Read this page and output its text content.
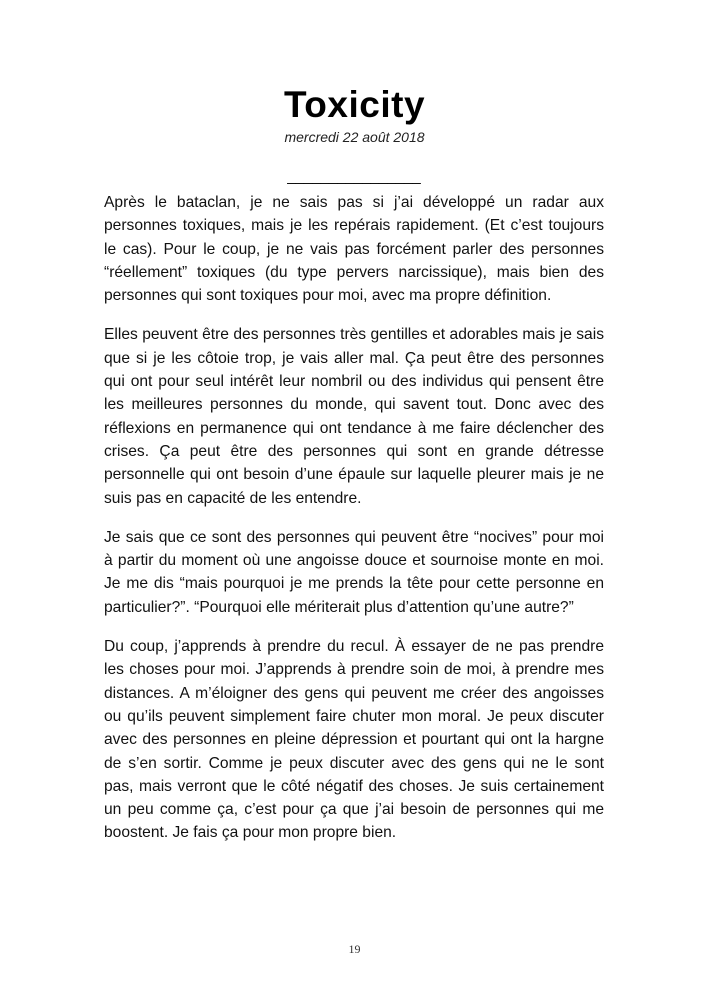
Toxicity
mercredi 22 août 2018
________________

Après le bataclan, je ne sais pas si j’ai développé un radar aux personnes toxiques, mais je les repérais rapidement. (Et c’est toujours le cas). Pour le coup, je ne vais pas forcément parler des personnes “réellement” toxiques (du type pervers narcissique), mais bien des personnes qui sont toxiques pour moi, avec ma propre définition.

Elles peuvent être des personnes très gentilles et adorables mais je sais que si je les côtoie trop, je vais aller mal. Ça peut être des personnes qui ont pour seul intérêt leur nombril ou des individus qui pensent être les meilleures personnes du monde, qui savent tout. Donc avec des réflexions en permanence qui ont tendance à me faire déclencher des crises. Ça peut être des personnes qui sont en grande détresse personnelle qui ont besoin d’une épaule sur laquelle pleurer mais je ne suis pas en capacité de les entendre.

Je sais que ce sont des personnes qui peuvent être “nocives” pour moi à partir du moment où une angoisse douce et sournoise monte en moi. Je me dis “mais pourquoi je me prends la tête pour cette personne en particulier?”. “Pourquoi elle mériterait plus d’attention qu’une autre?”

Du coup, j’apprends à prendre du recul. À essayer de ne pas prendre les choses pour moi. J’apprends à prendre soin de moi, à prendre mes distances. A m’éloigner des gens qui peuvent me créer des angoisses ou qu’ils peuvent simplement faire chuter mon moral. Je peux discuter avec des personnes en pleine dépression et pourtant qui ont la hargne de s’en sortir. Comme je peux discuter avec des gens qui ne le sont pas, mais verront que le côté négatif des choses. Je suis certainement un peu comme ça, c’est pour ça que j’ai besoin de personnes qui me boostent. Je fais ça pour mon propre bien.

19
